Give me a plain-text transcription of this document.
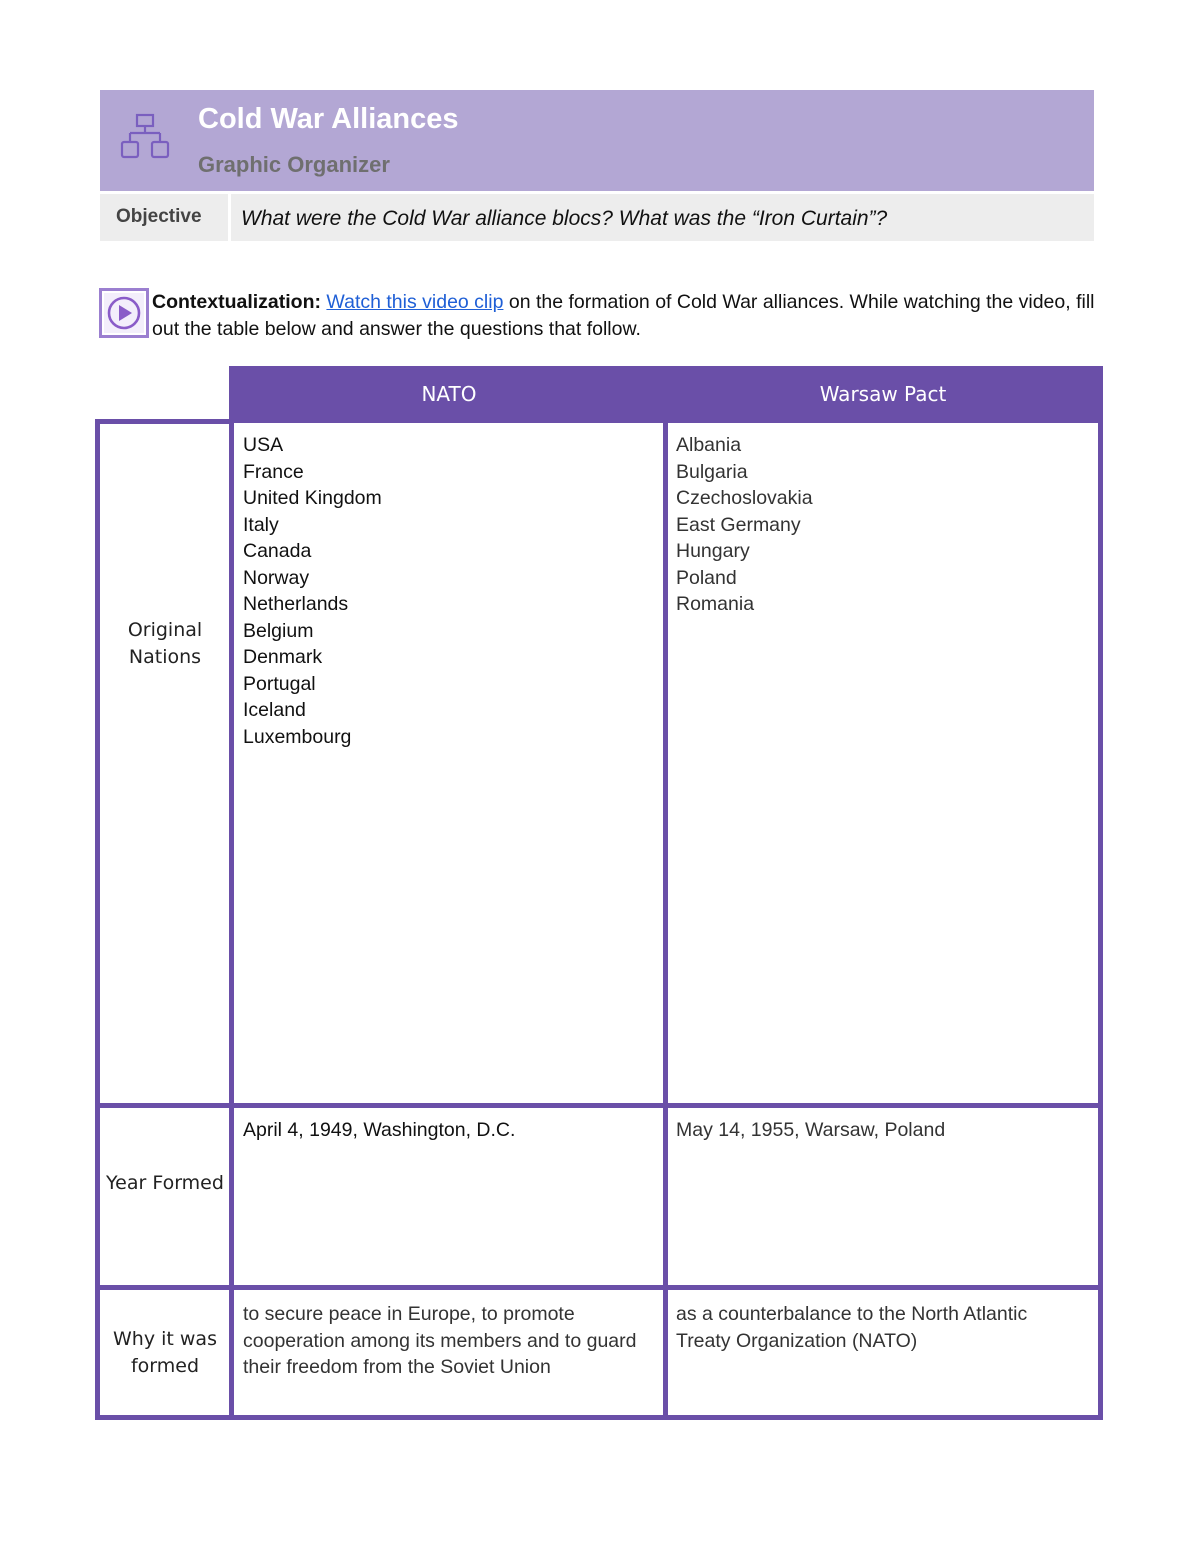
Cold War Alliances
Graphic Organizer
Objective What were the Cold War alliance blocs? What was the “Iron Curtain”?
Contextualization: Watch this video clip on the formation of Cold War alliances. While watching the video, fill out the table below and answer the questions that follow.
NATO	Warsaw Pact
Original Nations
USA
France
United Kingdom
Italy
Canada
Norway
Netherlands
Belgium
Denmark
Portugal
Iceland
Luxembourg
Albania
Bulgaria
Czechoslovakia
East Germany
Hungary
Poland
Romania
Year Formed
April 4, 1949, Washington, D.C.	May 14, 1955, Warsaw, Poland
Why it was formed
to secure peace in Europe, to promote cooperation among its members and to guard their freedom from the Soviet Union
as a counterbalance to the North Atlantic Treaty Organization (NATO)
